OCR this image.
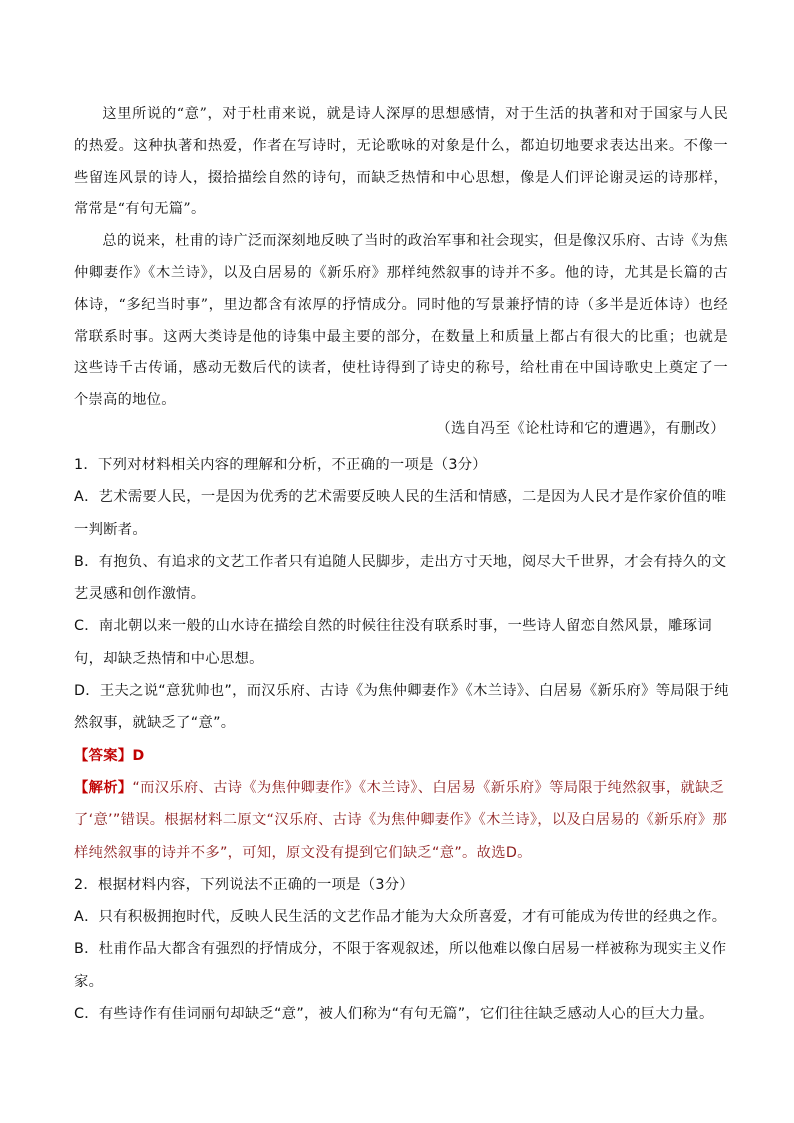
这里所说的“意”，对于杜甫来说，就是诗人深厚的思想感情，对于生活的执著和对于国家与人民的热爱。这种执著和热爱，作者在写诗时，无论歌咏的对象是什么，都迫切地要求表达出来。不像一些留连风景的诗人，掇拾描绘自然的诗句，而缺乏热情和中心思想，像是人们评论谢灵运的诗那样，常常是“有句无篇”。

总的说来，杜甫的诗广泛而深刻地反映了当时的政治军事和社会现实，但是像汉乐府、古诗《为焦仲卿妻作》《木兰诗》，以及白居易的《新乐府》那样纯然叙事的诗并不多。他的诗，尤其是长篇的古体诗，“多纪当时事”，里边都含有浓厚的抒情成分。同时他的写景兼抒情的诗（多半是近体诗）也经常联系时事。这两大类诗是他的诗集中最主要的部分，在数量上和质量上都占有很大的比重；也就是这些诗千古传诵，感动无数后代的读者，使杜诗得到了诗史的称号，给杜甫在中国诗歌史上奠定了一个崇高的地位。

（选自冯至《论杜诗和它的遭遇》，有删改）

1．下列对材料相关内容的理解和分析，不正确的一项是（3分）

A．艺术需要人民，一是因为优秀的艺术需要反映人民的生活和情感，二是因为人民才是作家价值的唯一判断者。

B．有抱负、有追求的文艺工作者只有追随人民脚步，走出方寸天地，阅尽大千世界，才会有持久的文艺灵感和创作激情。

C．南北朝以来一般的山水诗在描绘自然的时候往往没有联系时事，一些诗人留恋自然风景，雕琢词句，却缺乏热情和中心思想。

D．王夫之说“意犹帅也”，而汉乐府、古诗《为焦仲卿妻作》《木兰诗》、白居易《新乐府》等局限于纯然叙事，就缺乏了“意”。

【答案】D

【解析】“而汉乐府、古诗《为焦仲卿妻作》《木兰诗》、白居易《新乐府》等局限于纯然叙事，就缺乏了‘意’”错误。根据材料二原文“汉乐府、古诗《为焦仲卿妻作》《木兰诗》，以及白居易的《新乐府》那样纯然叙事的诗并不多”，可知，原文没有提到它们缺乏“意”。故选D。

2．根据材料内容，下列说法不正确的一项是（3分）

A．只有积极拥抱时代，反映人民生活的文艺作品才能为大众所喜爱，才有可能成为传世的经典之作。

B．杜甫作品大都含有强烈的抒情成分，不限于客观叙述，所以他难以像白居易一样被称为现实主义作家。

C．有些诗作有佳词丽句却缺乏“意”，被人们称为“有句无篇”，它们往往缺乏感动人心的巨大力量。
